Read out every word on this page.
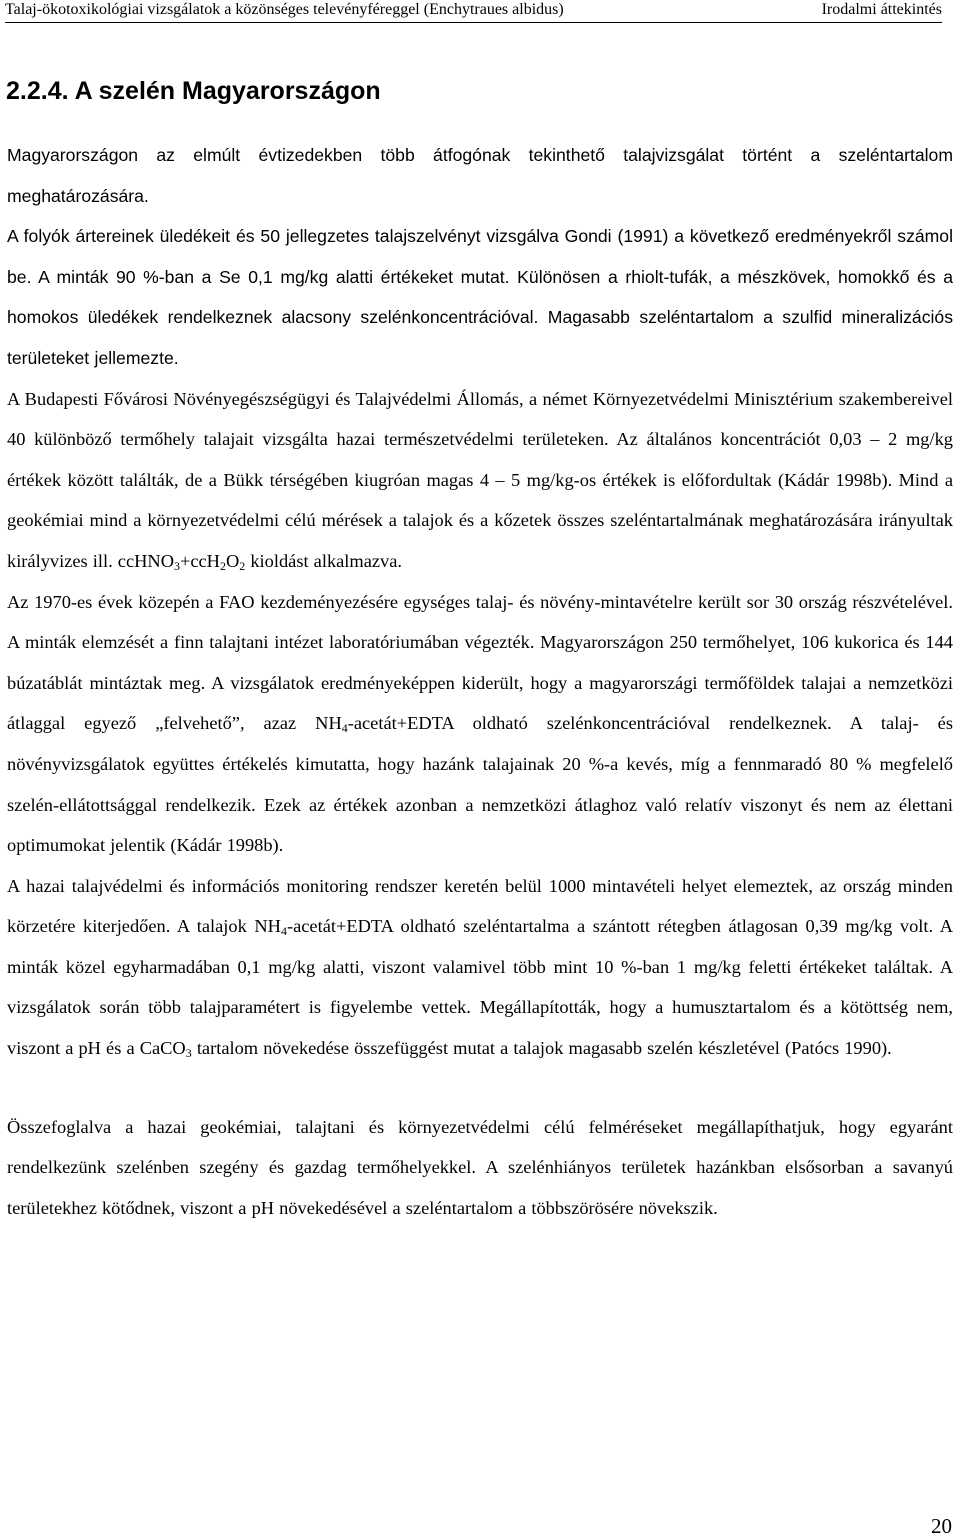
Talaj-ökotoxikológiai vizsgálatok a közönséges televényféreggel (Enchytraues albidus)	Irodalmi áttekintés
2.2.4. A szelén Magyarországon

Magyarországon az elmúlt évtizedekben több átfogónak tekinthető talajvizsgálat történt a szeléntartalom meghatározására.

A folyók ártereinek üledékeit és 50 jellegzetes talajszelvényt vizsgálva Gondi (1991) a következő eredményekről számol be. A minták 90 %-ban a Se 0,1 mg/kg alatti értékeket mutat. Különösen a rhiolt-tufák, a mészkövek, homokkő és a homokos üledékek rendelkeznek alacsony szelénkoncentrációval. Magasabb szeléntartalom a szulfid mineralizációs területeket jellemezte.

A Budapesti Fővárosi Növényegészségügyi és Talajvédelmi Állomás, a német Környezetvédelmi Minisztérium szakembereivel 40 különböző termőhely talajait vizsgálta hazai természetvédelmi területeken. Az általános koncentrációt 0,03 – 2 mg/kg értékek között találták, de a Bükk térségében kiugróan magas 4 – 5 mg/kg-os értékek is előfordultak (Kádár 1998b). Mind a geokémiai mind a környezetvédelmi célú mérések a talajok és a kőzetek összes szeléntartalmának meghatározására irányultak királyvizes ill. $ccHNO_3+ccH_2O_2$ kioldást alkalmazva.

Az 1970-es évek közepén a FAO kezdeményezésére egységes talaj- és növény-mintavételre került sor 30 ország részvételével. A minták elemzését a finn talajtani intézet laboratóriumában végezték. Magyarországon 250 termőhelyet, 106 kukorica és 144 búzatáblát mintáztak meg. A vizsgálatok eredményeképpen kiderült, hogy a magyarországi termőföldek talajai a nemzetközi átlaggal egyező „felvehető”, azaz $NH_4-acetát+EDTA$ oldható szelénkoncentrációval rendelkeznek. A talaj- és növényvizsgálatok együttes értékelés kimutatta, hogy hazánk talajainak 20 %-a kevés, míg a fennmaradó 80 % megfelelő szelén-ellátottsággal rendelkezik. Ezek az értékek azonban a nemzetközi átlaghoz való relatív viszonyt és nem az élettani optimumokat jelentik (Kádár 1998b).

A hazai talajvédelmi és információs monitoring rendszer keretén belül 1000 mintavételi helyet elemeztek, az ország minden körzetére kiterjedően. A talajok $NH_4-acetát+EDTA$ oldható szeléntartalma a szántott rétegben átlagosan 0,39 mg/kg volt. A minták közel egyharmadában 0,1 mg/kg alatti, viszont valamivel több mint 10 %-ban 1 mg/kg feletti értékeket találtak. A vizsgálatok során több talajparamétert is figyelembe vettek. Megállapították, hogy a humusztartalom és a kötöttség nem, viszont a pH és a CaCO$_3$ tartalom növekedése összefüggést mutat a talajok magasabb szelén készletével (Patócs 1990).

Összefoglalva a hazai geokémiai, talajtani és környezetvédelmi célú felméréseket megállapíthatjuk, hogy egyaránt rendelkezünk szelénben szegény és gazdag termőhelyekkel. A szelénhiányos területek hazánkban elsősorban a savanyú területekhez kötődnek, viszont a pH növekedésével a szeléntartalom a többszörösére növekszik.

20
